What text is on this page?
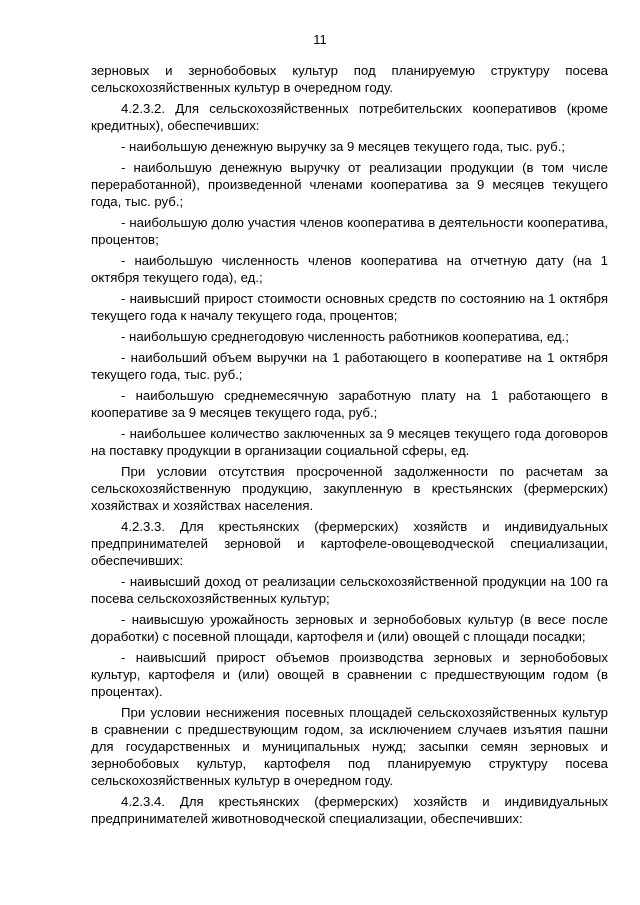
11

зерновых и зернобобовых культур под планируемую структуру посева сельскохозяйственных культур в очередном году.

4.2.3.2. Для сельскохозяйственных потребительских кооперативов (кроме кредитных), обеспечивших:

- наибольшую денежную выручку за 9 месяцев текущего года, тыс. руб.;

- наибольшую денежную выручку от реализации продукции (в том числе переработанной), произведенной членами кооператива за 9 месяцев текущего года, тыс. руб.;

- наибольшую долю участия членов кооператива в деятельности кооператива, процентов;

- наибольшую численность членов кооператива на отчетную дату (на 1 октября текущего года), ед.;

- наивысший прирост стоимости основных средств по состоянию на 1 октября текущего года к началу текущего года, процентов;

- наибольшую среднегодовую численность работников кооператива, ед.;

- наибольший объем выручки на 1 работающего в кооперативе на 1 октября текущего года, тыс. руб.;

- наибольшую среднемесячную заработную плату на 1 работающего в кооперативе за 9 месяцев текущего года, руб.;

- наибольшее количество заключенных за 9 месяцев текущего года договоров на поставку продукции в организации социальной сферы, ед.

При условии отсутствия просроченной задолженности по расчетам за сельскохозяйственную продукцию, закупленную в крестьянских (фермерских) хозяйствах и хозяйствах населения.

4.2.3.3. Для крестьянских (фермерских) хозяйств и индивидуальных предпринимателей зерновой и картофеле-овощеводческой специализации, обеспечивших:

- наивысший доход от реализации сельскохозяйственной продукции на 100 га посева сельскохозяйственных культур;

- наивысшую урожайность зерновых и зернобобовых культур (в весе после доработки) с посевной площади, картофеля и (или) овощей с площади посадки;

- наивысший прирост объемов производства зерновых и зернобобовых культур, картофеля и (или) овощей в сравнении с предшествующим годом (в процентах).

При условии неснижения посевных площадей сельскохозяйственных культур в сравнении с предшествующим годом, за исключением случаев изъятия пашни для государственных и муниципальных нужд; засыпки семян зерновых и зернобобовых культур, картофеля под планируемую структуру посева сельскохозяйственных культур в очередном году.

4.2.3.4. Для крестьянских (фермерских) хозяйств и индивидуальных предпринимателей животноводческой специализации, обеспечивших:
